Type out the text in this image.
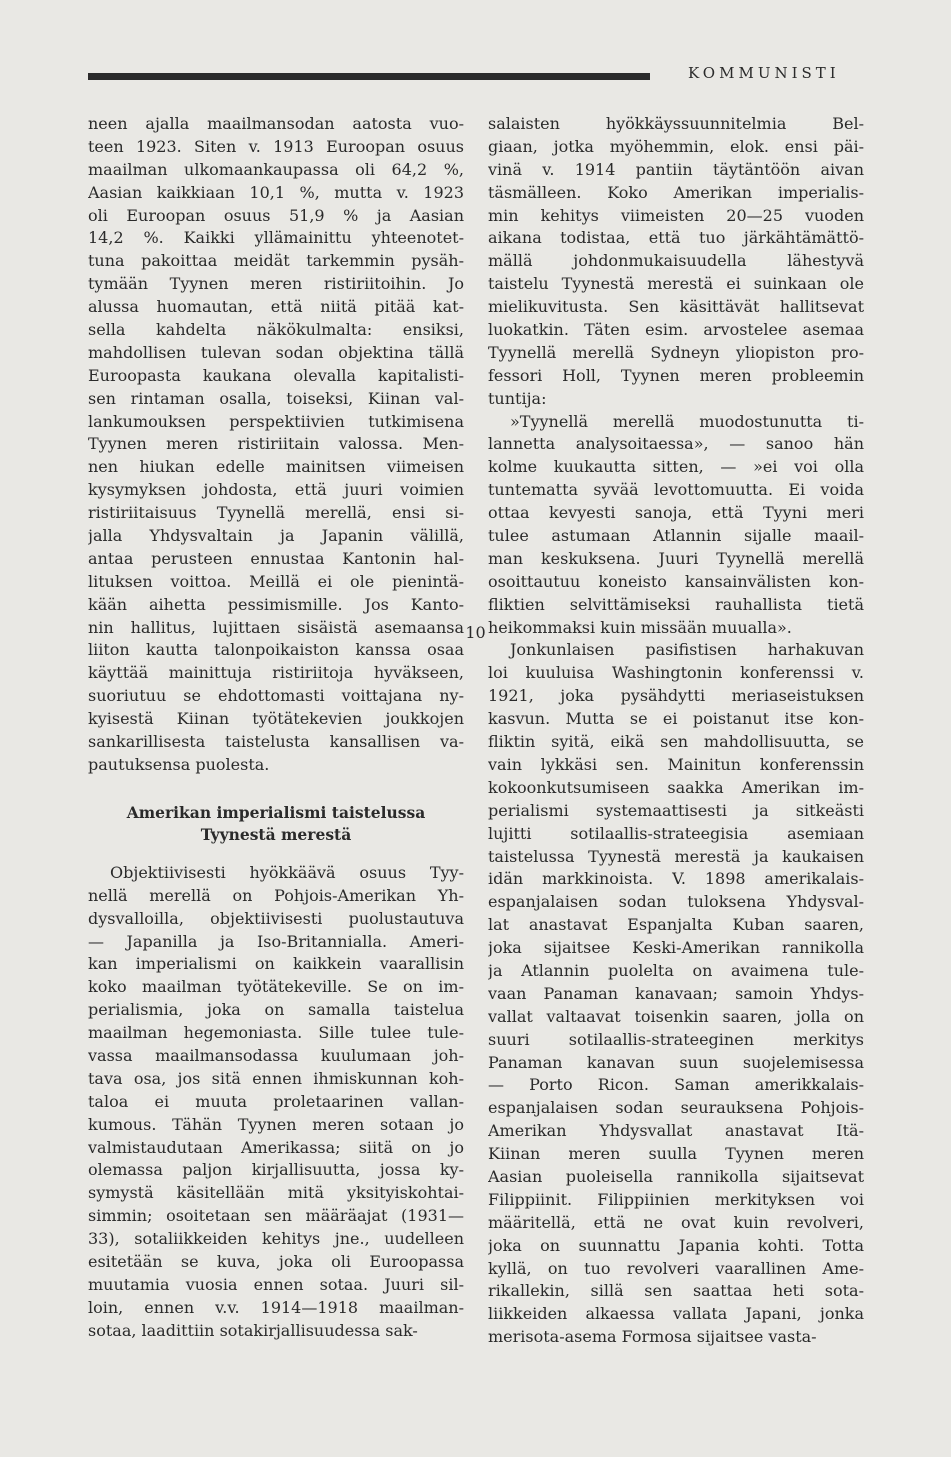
KOMMUNISTI
neen ajalla maailmansodan aatosta vuo-
teen 1923. Siten v. 1913 Euroopan osuus
maailman ulkomaankaupassa oli 64,2 %,
Aasian kaikkiaan 10,1 %, mutta v. 1923
oli Euroopan osuus 51,9 % ja Aasian
14,2 %. Kaikki yllämainittu yhteenotet-
tuna pakoittaa meidät tarkemmin pysäh-
tymään Tyynen meren ristiriitoihin. Jo
alussa huomautan, että niitä pitää kat-
sella kahdelta näkökulmalta: ensiksi,
mahdollisen tulevan sodan objektina tällä
Euroopasta kaukana olevalla kapitalisti-
sen rintaman osalla, toiseksi, Kiinan val-
lankumouksen perspektiivien tutkimisena
Tyynen meren ristiriitain valossa. Men-
nen hiukan edelle mainitsen viimeisen
kysymyksen johdosta, että juuri voimien
ristiriitaisuus Tyynellä merellä, ensi si-
jalla Yhdysvaltain ja Japanin välillä,
antaa perusteen ennustaa Kantonin hal-
lituksen voittoa. Meillä ei ole pienintä-
kään aihetta pessimismille. Jos Kanto-
nin hallitus, lujittaen sisäistä asemaansa
liiton kautta talonpoikaiston kanssa osaa
käyttää mainittuja ristiriitoja hyväkseen,
suoriutuu se ehdottomasti voittajana ny-
kyisestä Kiinan työtätekevien joukkojen
sankarillisesta taistelusta kansallisen va-
pautuksensa puolesta.
Amerikan imperialismi taistelussa
Tyynestä merestä
Objektiivisesti hyökkäävä osuus Tyy-
nellä merellä on Pohjois-Amerikan Yh-
dysvalloilla, objektiivisesti puolustautuva
— Japanilla ja Iso-Britannialla. Ameri-
kan imperialismi on kaikkein vaarallisin
koko maailman työtätekeville. Se on im-
perialismia, joka on samalla taistelua
maailman hegemoniasta. Sille tulee tule-
vassa maailmansodassa kuulumaan joh-
tava osa, jos sitä ennen ihmiskunnan koh-
taloa ei muuta proletaarinen vallan-
kumous. Tähän Tyynen meren sotaan jo
valmistaudutaan Amerikassa; siitä on jo
olemassa paljon kirjallisuutta, jossa ky-
symystä käsitellään mitä yksityiskohtai-
simmin; osoitetaan sen määräajat (1931—
33), sotaliikkeiden kehitys jne., uudelleen
esitetään se kuva, joka oli Euroopassa
muutamia vuosia ennen sotaa. Juuri sil-
loin, ennen v.v. 1914—1918 maailman-
sotaa, laadittiin sotakirjallisuudessa sak-
salaisten hyökkäyssuunnitelmia Bel-
giaan, jotka myöhemmin, elok. ensi päi-
vinä v. 1914 pantiin täytäntöön aivan
täsmälleen. Koko Amerikan imperialis-
min kehitys viimeisten 20—25 vuoden
aikana todistaa, että tuo järkähtämättö-
mällä johdonmukaisuudella lähestyvä
taistelu Tyynestä merestä ei suinkaan ole
mielikuvitusta. Sen käsittävät hallitsevat
luokatkin. Täten esim. arvostelee asemaa
Tyynellä merellä Sydneyn yliopiston pro-
fessori Holl, Tyynen meren probleemin
tuntija:
»Tyynellä merellä muodostunutta ti-
lannetta analysoitaessa», — sanoo hän
kolme kuukautta sitten, — »ei voi olla
tuntematta syvää levottomuutta. Ei voida
ottaa kevyesti sanoja, että Tyyni meri
tulee astumaan Atlannin sijalle maail-
man keskuksena. Juuri Tyynellä merellä
osoittautuu koneisto kansainvälisten kon-
fliktien selvittämiseksi rauhallista tietä
heikommaksi kuin missään muualla».
Jonkunlaisen pasifistisen harhakuvan
loi kuuluisa Washingtonin konferenssi v.
1921, joka pysähdytti meriaseistuksen
kasvun. Mutta se ei poistanut itse kon-
fliktin syitä, eikä sen mahdollisuutta, se
vain lykkäsi sen. Mainitun konferenssin
kokoonkutsumiseen saakka Amerikan im-
perialismi systemaattisesti ja sitkeästi
lujitti sotilaallis-strateegisia asemiaan
taistelussa Tyynestä merestä ja kaukaisen
idän markkinoista. V. 1898 amerikalais-
espanjalaisen sodan tuloksena Yhdysval-
lat anastavat Espanjalta Kuban saaren,
joka sijaitsee Keski-Amerikan rannikolla
ja Atlannin puolelta on avaimena tule-
vaan Panaman kanavaan; samoin Yhdys-
vallat valtaavat toisenkin saaren, jolla on
suuri sotilaallis-strateeginen merkitys
Panaman kanavan suun suojelemisessa
— Porto Ricon. Saman amerikkalais-
espanjalaisen sodan seurauksena Pohjois-
Amerikan Yhdysvallat anastavat Itä-
Kiinan meren suulla Tyynen meren
Aasian puoleisella rannikolla sijaitsevat
Filippiinit. Filippiinien merkityksen voi
määritellä, että ne ovat kuin revolveri,
joka on suunnattu Japania kohti. Totta
kyllä, on tuo revolveri vaarallinen Ame-
rikallekin, sillä sen saattaa heti sota-
liikkeiden alkaessa vallata Japani, jonka
merisota-asema Formosa sijaitsee vasta-
10
